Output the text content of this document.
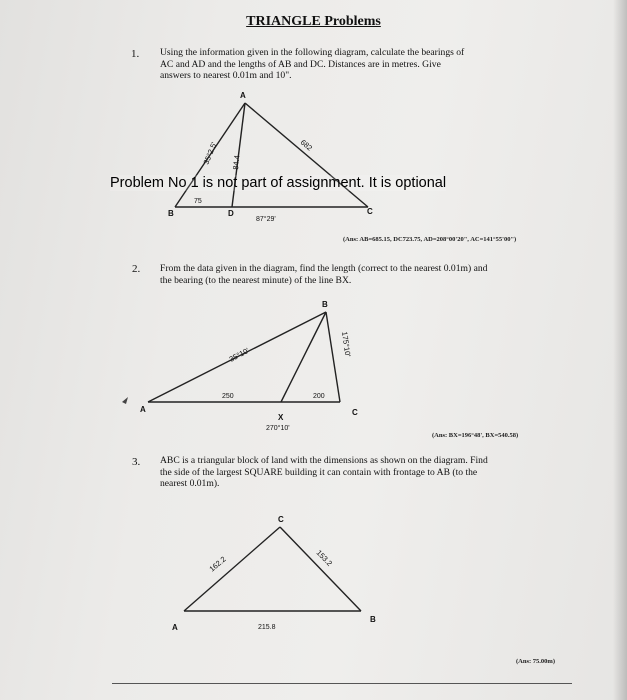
TRIANGLE Problems
1. Using the information given in the following diagram, calculate the bearings of
AC and AD and the lengths of AB and DC. Distances are in metres. Give
answers to nearest 0.01m and 10".
A
B	C
D
35°2.5' 84.4
682
75
87°29'
B
A	C
X
35°10'	175°10'
250	200
270°10'
C
A
B
162.2	153.2
215.8
Problem No 1 is not part of assignment. It is optional
(Ans: AB=685.15, DC723.75, AD=208°00'20", AC=141°55'00")
2. From the data given in the diagram, find the length (correct to the nearest 0.01m) and
the bearing (to the nearest minute) of the line BX.
(Ans: BX=196°48', BX=540.58)
3. ABC is a triangular block of land with the dimensions as shown on the diagram. Find
the side of the largest SQUARE building it can contain with frontage to AB (to the
nearest 0.01m).
(Ans: 75.00m)
